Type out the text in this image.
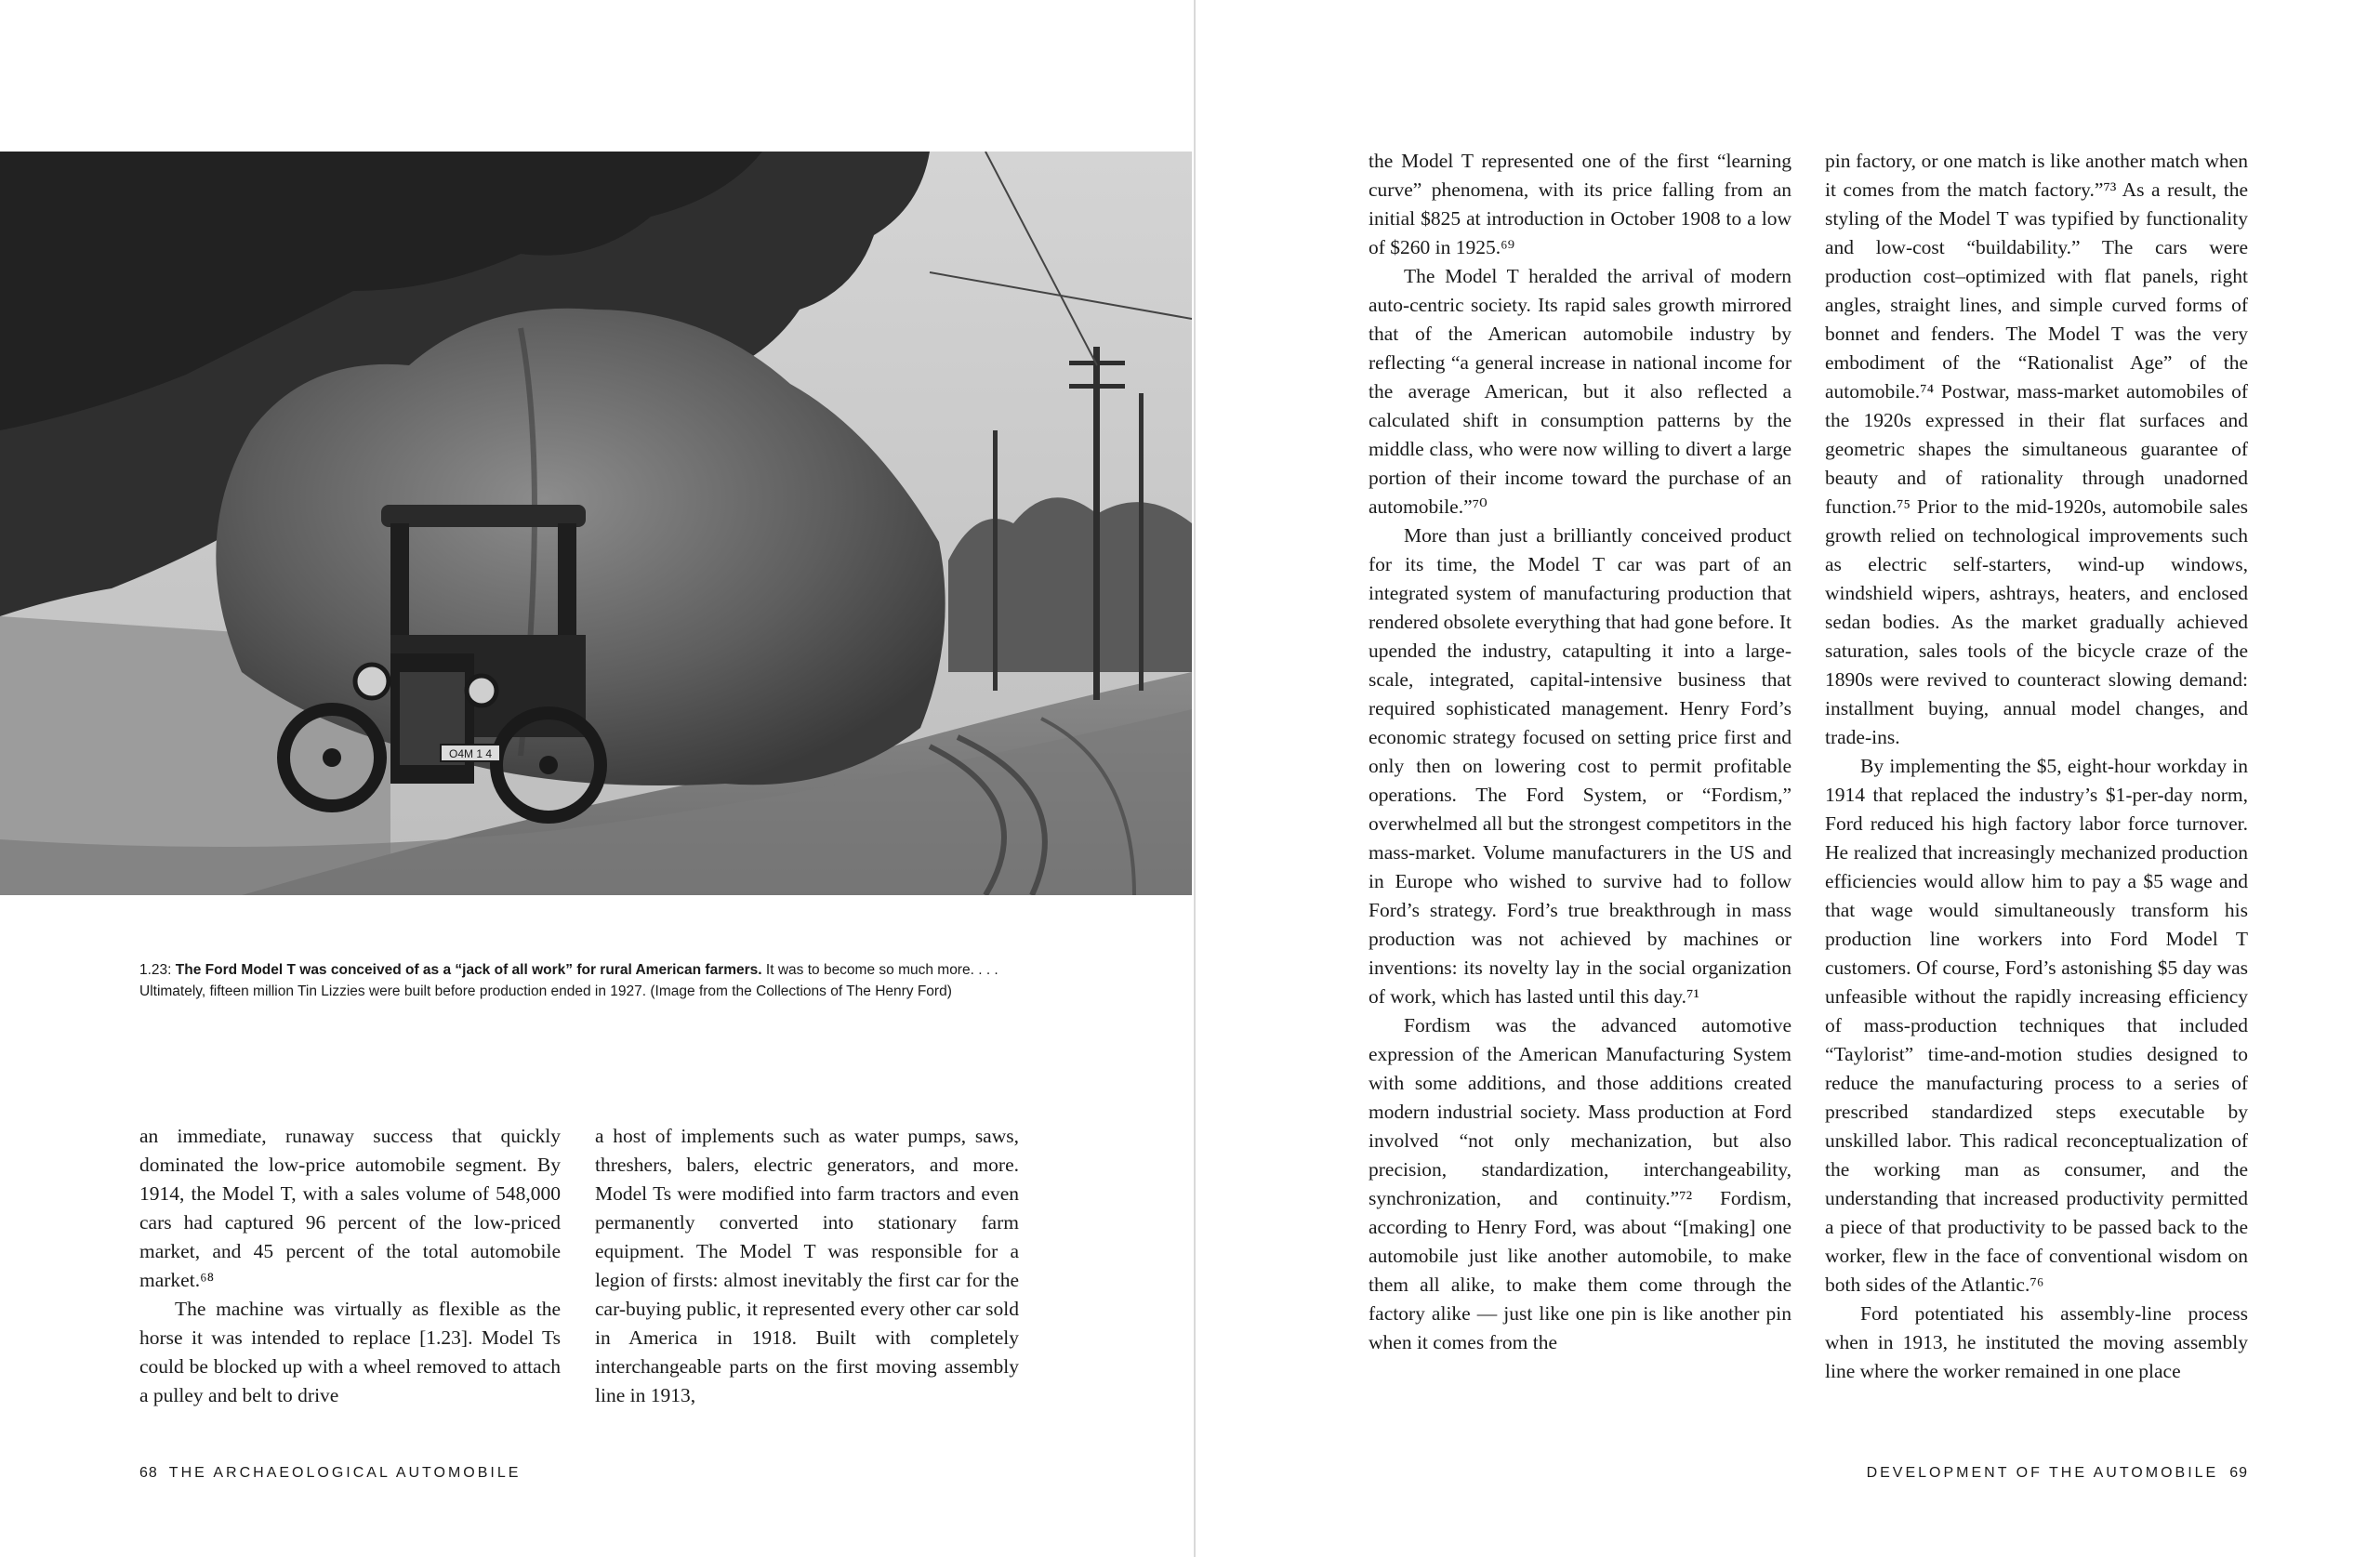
O4M 1 4
1.23: The Ford Model T was conceived of as a “jack of all work” for rural American farmers. It was to become so much more. . . . Ultimately, fifteen million Tin Lizzies were built before production ended in 1927. (Image from the Collections of The Henry Ford)

an immediate, runaway success that quickly dominated the low-price automobile segment. By 1914, the Model T, with a sales volume of 548,000 cars had captured 96 percent of the low-priced market, and 45 percent of the total automobile market.⁶⁸

The machine was virtually as flexible as the horse it was intended to replace [1.23]. Model Ts could be blocked up with a wheel removed to attach a pulley and belt to drive

a host of implements such as water pumps, saws, threshers, balers, electric generators, and more. Model Ts were modified into farm tractors and even permanently converted into stationary farm equipment. The Model T was responsible for a legion of firsts: almost inevitably the first car for the car-buying public, it represented every other car sold in America in 1918. Built with completely interchangeable parts on the first moving assembly line in 1913,

68 THE ARCHAEOLOGICAL AUTOMOBILE

the Model T represented one of the first “learning curve” phenomena, with its price falling from an initial $825 at introduction in October 1908 to a low of $260 in 1925.⁶⁹

The Model T heralded the arrival of modern auto-centric society. Its rapid sales growth mirrored that of the American automobile industry by reflecting “a general increase in national income for the average American, but it also reflected a calculated shift in consumption patterns by the middle class, who were now willing to divert a large portion of their income toward the purchase of an automobile.”⁷⁰

More than just a brilliantly conceived product for its time, the Model T car was part of an integrated system of manufacturing production that rendered obsolete everything that had gone before. It upended the industry, catapulting it into a large-scale, integrated, capital-intensive business that required sophisticated management. Henry Ford’s economic strategy focused on setting price first and only then on lowering cost to permit profitable operations. The Ford System, or “Fordism,” overwhelmed all but the strongest competitors in the mass-market. Volume manufacturers in the US and in Europe who wished to survive had to follow Ford’s strategy. Ford’s true breakthrough in mass production was not achieved by machines or inventions: its novelty lay in the social organization of work, which has lasted until this day.⁷¹

Fordism was the advanced automotive expression of the American Manufacturing System with some additions, and those additions created modern industrial society. Mass production at Ford involved “not only mechanization, but also precision, standardization, interchangeability, synchronization, and continuity.”⁷² Fordism, according to Henry Ford, was about “[making] one automobile just like another automobile, to make them all alike, to make them come through the factory alike — just like one pin is like another pin when it comes from the

pin factory, or one match is like another match when it comes from the match factory.”⁷³ As a result, the styling of the Model T was typified by functionality and low-cost “buildability.” The cars were production cost–optimized with flat panels, right angles, straight lines, and simple curved forms of bonnet and fenders. The Model T was the very embodiment of the “Rationalist Age” of the automobile.⁷⁴ Postwar, mass-market automobiles of the 1920s expressed in their flat surfaces and geometric shapes the simultaneous guarantee of beauty and of rationality through unadorned function.⁷⁵ Prior to the mid-1920s, automobile sales growth relied on technological improvements such as electric self-starters, wind-up windows, windshield wipers, ashtrays, heaters, and enclosed sedan bodies. As the market gradually achieved saturation, sales tools of the bicycle craze of the 1890s were revived to counteract slowing demand: installment buying, annual model changes, and trade-ins.

By implementing the $5, eight-hour workday in 1914 that replaced the industry’s $1-per-day norm, Ford reduced his high factory labor force turnover. He realized that increasingly mechanized production efficiencies would allow him to pay a $5 wage and that wage would simultaneously transform his production line workers into Ford Model T customers. Of course, Ford’s astonishing $5 day was unfeasible without the rapidly increasing efficiency of mass-production techniques that included “Taylorist” time-and-motion studies designed to reduce the manufacturing process to a series of prescribed standardized steps executable by unskilled labor. This radical reconceptualization of the working man as consumer, and the understanding that increased productivity permitted a piece of that productivity to be passed back to the worker, flew in the face of conventional wisdom on both sides of the Atlantic.⁷⁶

Ford potentiated his assembly-line process when in 1913, he instituted the moving assembly line where the worker remained in one place

DEVELOPMENT OF THE AUTOMOBILE 69
